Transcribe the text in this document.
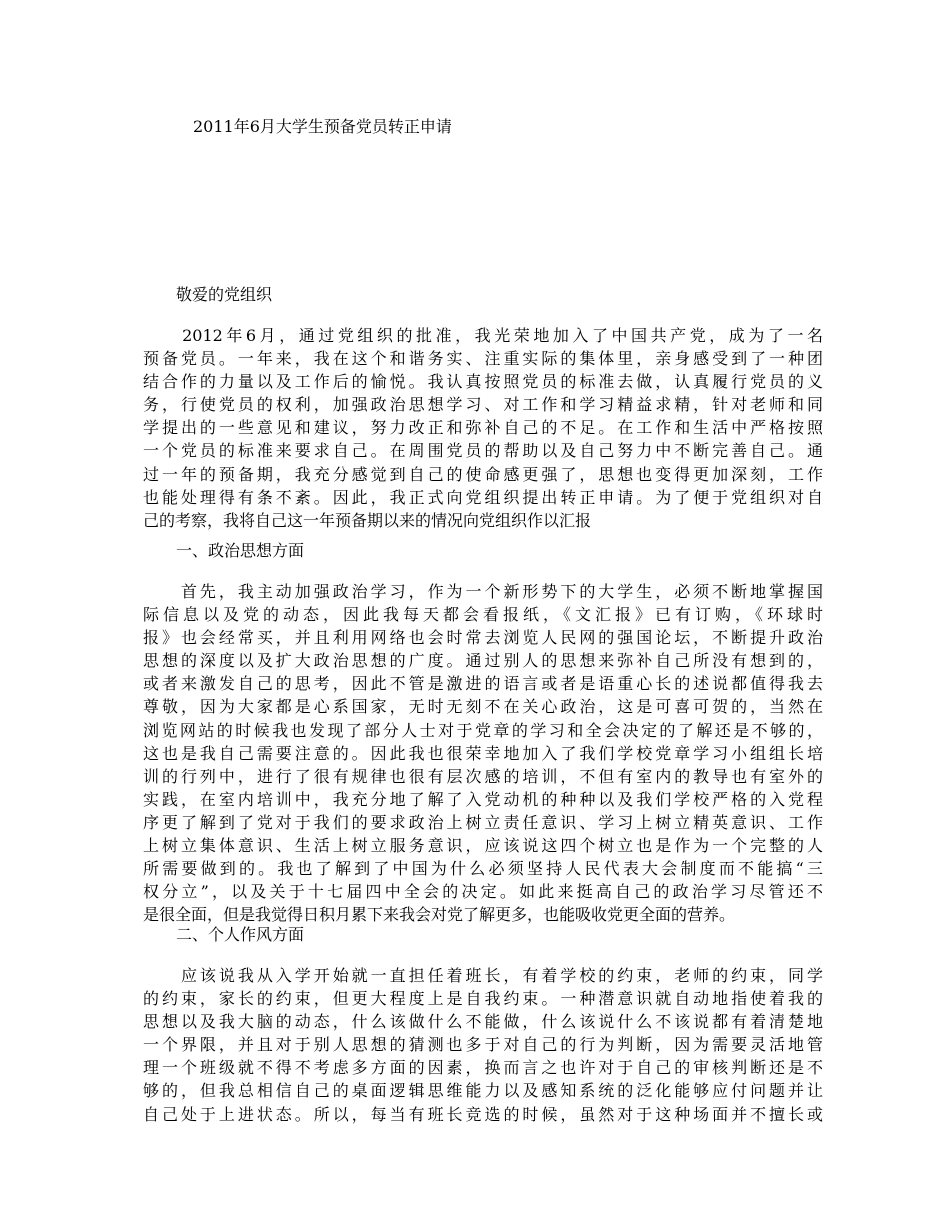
2011年6月大学生预备党员转正申请
敬爱的党组织
　　2012年6月，通过党组织的批准，我光荣地加入了中国共产党，成为了一名
预备党员。一年来，我在这个和谐务实、注重实际的集体里，亲身感受到了一种团
结合作的力量以及工作后的愉悦。我认真按照党员的标准去做，认真履行党员的义
务，行使党员的权利，加强政治思想学习、对工作和学习精益求精，针对老师和同
学提出的一些意见和建议，努力改正和弥补自己的不足。在工作和生活中严格按照
一个党员的标准来要求自己。在周围党员的帮助以及自己努力中不断完善自己。通
过一年的预备期，我充分感觉到自己的使命感更强了，思想也变得更加深刻，工作
也能处理得有条不紊。因此，我正式向党组织提出转正申请。为了便于党组织对自
己的考察，我将自己这一年预备期以来的情况向党组织作以汇报
一、政治思想方面
　　首先，我主动加强政治学习，作为一个新形势下的大学生，必须不断地掌握国
际信息以及党的动态，因此我每天都会看报纸，《文汇报》已有订购，《环球时
报》也会经常买，并且利用网络也会时常去浏览人民网的强国论坛，不断提升政治
思想的深度以及扩大政治思想的广度。通过别人的思想来弥补自己所没有想到的，
或者来激发自己的思考，因此不管是激进的语言或者是语重心长的述说都值得我去
尊敬，因为大家都是心系国家，无时无刻不在关心政治，这是可喜可贺的，当然在
浏览网站的时候我也发现了部分人士对于党章的学习和全会决定的了解还是不够的，
这也是我自己需要注意的。因此我也很荣幸地加入了我们学校党章学习小组组长培
训的行列中，进行了很有规律也很有层次感的培训，不但有室内的教导也有室外的
实践，在室内培训中，我充分地了解了入党动机的种种以及我们学校严格的入党程
序更了解到了党对于我们的要求政治上树立责任意识、学习上树立精英意识、工作
上树立集体意识、生活上树立服务意识，应该说这四个树立也是作为一个完整的人
所需要做到的。我也了解到了中国为什么必须坚持人民代表大会制度而不能搞“三
权分立”，以及关于十七届四中全会的决定。如此来挺高自己的政治学习尽管还不
是很全面，但是我觉得日积月累下来我会对党了解更多，也能吸收党更全面的营养。
二、个人作风方面
　　应该说我从入学开始就一直担任着班长，有着学校的约束，老师的约束，同学
的约束，家长的约束，但更大程度上是自我约束。一种潜意识就自动地指使着我的
思想以及我大脑的动态，什么该做什么不能做，什么该说什么不该说都有着清楚地
一个界限，并且对于别人思想的猜测也多于对自己的行为判断，因为需要灵活地管
理一个班级就不得不考虑多方面的因素，换而言之也许对于自己的审核判断还是不
够的，但我总相信自己的桌面逻辑思维能力以及感知系统的泛化能够应付问题并让
自己处于上进状态。所以，每当有班长竞选的时候，虽然对于这种场面并不擅长或
